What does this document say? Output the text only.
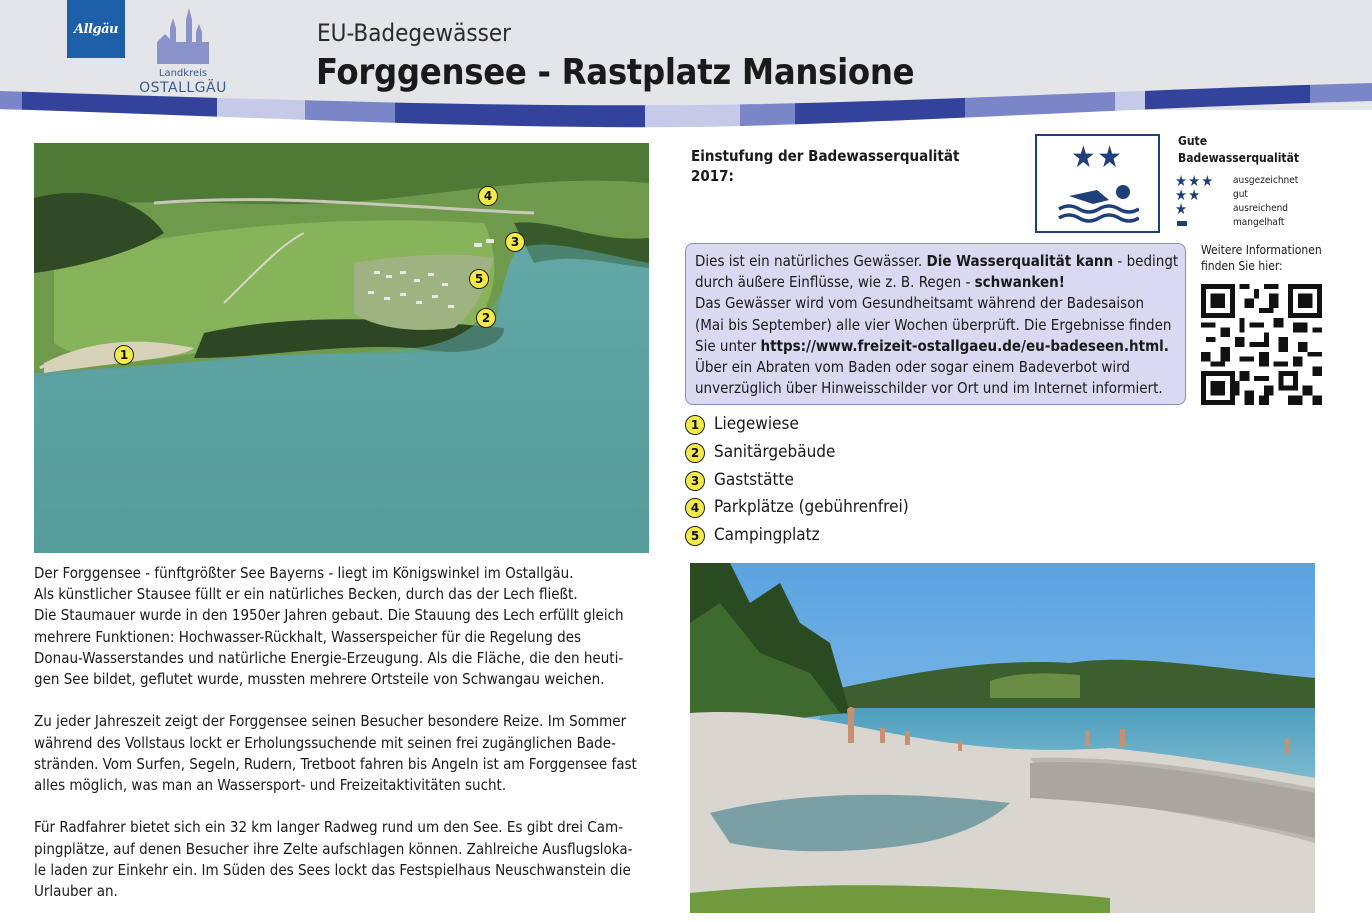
Allgäu
Landkreis
OSTALLGÄU
EU-Badegewässer
Forggensee - Rastplatz Mansione
1
2
3
4
5

Der Forggensee - fünftgrößter See Bayerns - liegt im Königswinkel im Ostallgäu.
Als künstlicher Stausee füllt er ein natürliches Becken, durch das der Lech fließt.
Die Staumauer wurde in den 1950er Jahren gebaut. Die Stauung des Lech erfüllt gleich
mehrere Funktionen: Hochwasser-Rückhalt, Wasserspeicher für die Regelung des
Donau-Wasserstandes und natürliche Energie-Erzeugung. Als die Fläche, die den heuti-
gen See bildet, geflutet wurde, mussten mehrere Ortsteile von Schwangau weichen.

Zu jeder Jahreszeit zeigt der Forggensee seinen Besucher besondere Reize. Im Sommer
während des Vollstaus lockt er Erholungssuchende mit seinen frei zugänglichen Bade-
stränden. Vom Surfen, Segeln, Rudern, Tretboot fahren bis Angeln ist am Forggensee fast
alles möglich, was man an Wassersport- und Freizeitaktivitäten sucht.

Für Radfahrer bietet sich ein 32 km langer Radweg rund um den See. Es gibt drei Cam-
pingplätze, auf denen Besucher ihre Zelte aufschlagen können. Zahlreiche Ausflugsloka-
le laden zur Einkehr ein. Im Süden des Sees lockt das Festspielhaus Neuschwanstein die
Urlauber an.

Einstufung der Badewasserqualität
2017:
★★	Gute
Badewasserqualität
★★★ ausgezeichnet
★★	gut
★	ausreichend
mangelhaft
Dies ist ein natürliches Gewässer. Die Wasserqualität kann - bedingt
durch äußere Einflüsse, wie z. B. Regen - schwanken!
Das Gewässer wird vom Gesundheitsamt während der Badesaison
(Mai bis September) alle vier Wochen überprüft. Die Ergebnisse finden
Sie unter https://www.freizeit-ostallgaeu.de/eu-badeseen.html.
Über ein Abraten vom Baden oder sogar einem Badeverbot wird
unverzüglich über Hinweisschilder vor Ort und im Internet informiert.
Weitere Informationen
finden Sie hier:
1 Liegewiese
2 Sanitärgebäude
3 Gaststätte
4 Parkplätze (gebührenfrei)
5 Campingplatz
